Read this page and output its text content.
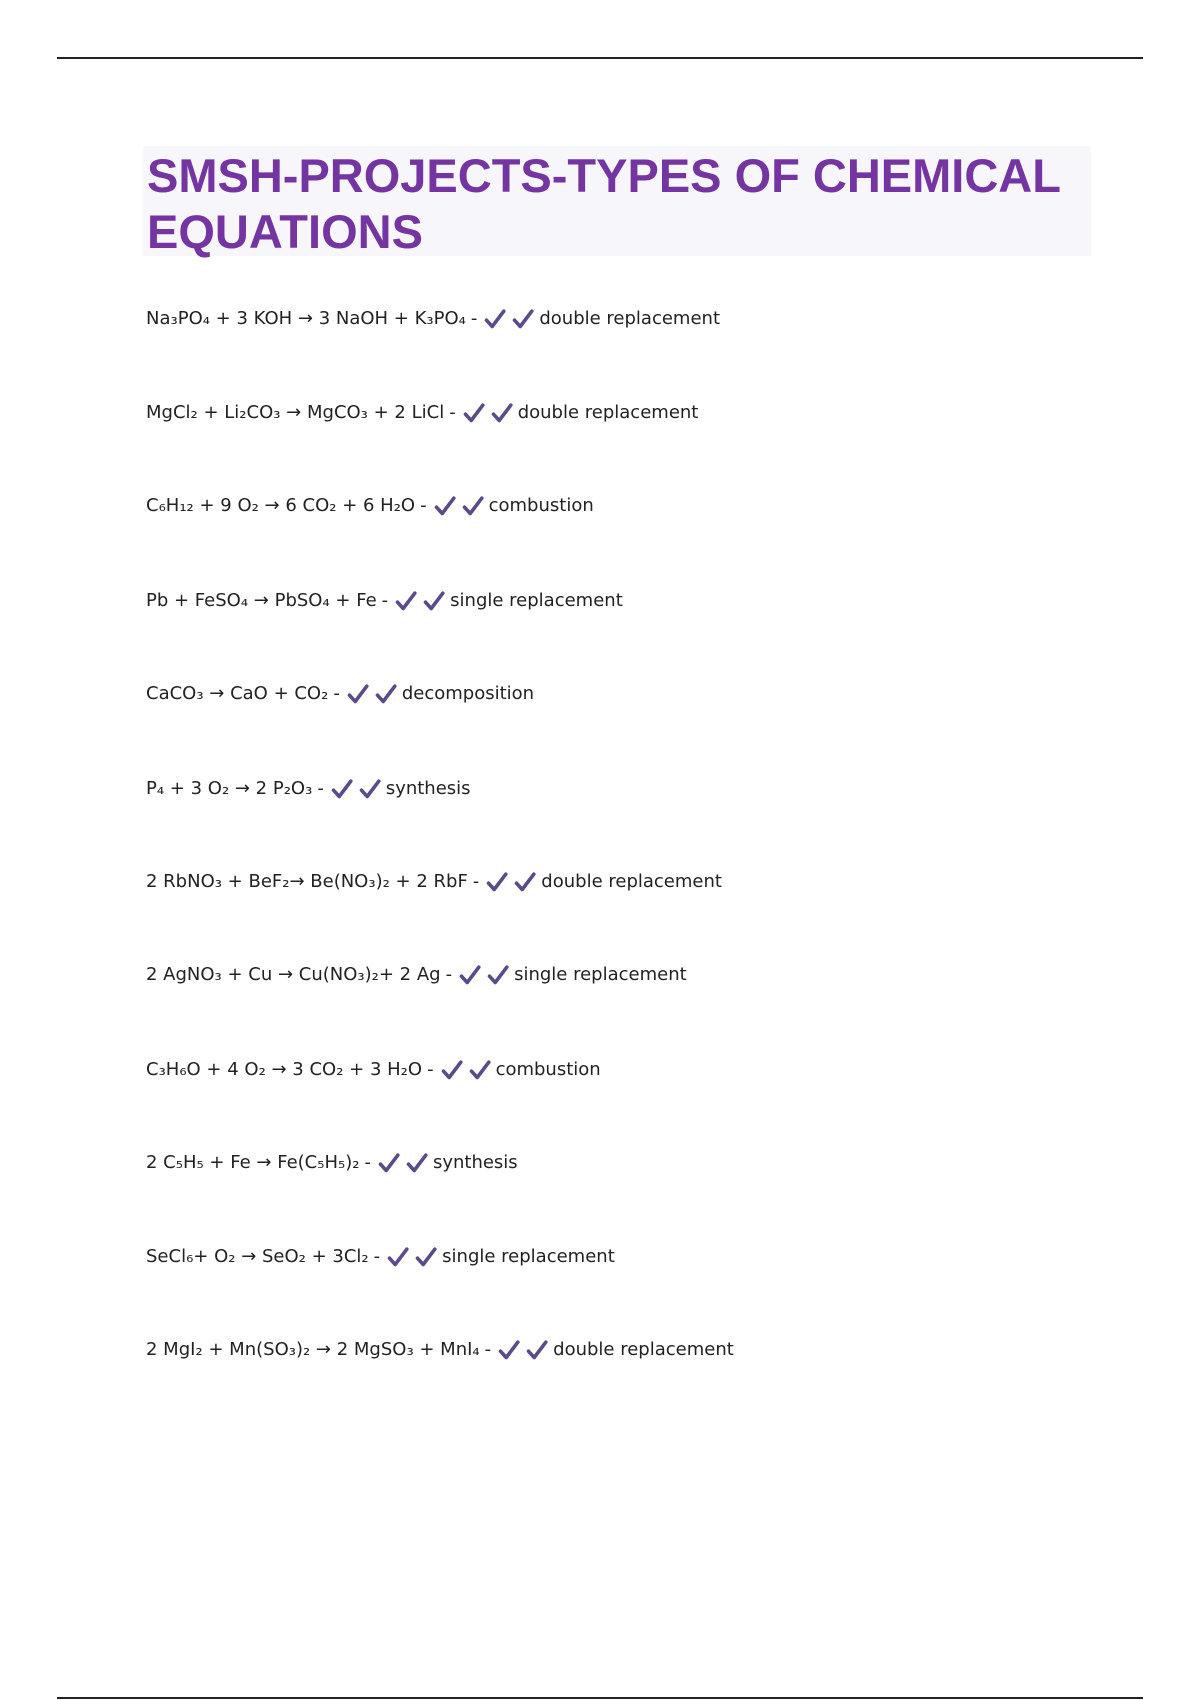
SMSH-PROJECTS-TYPES OF CHEMICAL EQUATIONS
Na₃PO₄ + 3 KOH → 3 NaOH + K₃PO₄ -	double replacement
MgCl₂ + Li₂CO₃ → MgCO₃ + 2 LiCl -	double replacement
C₆H₁₂ + 9 O₂ → 6 CO₂ + 6 H₂O -	combustion
Pb + FeSO₄ → PbSO₄ + Fe -	single replacement
CaCO₃ → CaO + CO₂ -	decomposition
P₄ + 3 O₂ → 2 P₂O₃ -	synthesis
2 RbNO₃ + BeF₂→ Be(NO₃)₂ + 2 RbF -	double replacement
2 AgNO₃ + Cu → Cu(NO₃)₂+ 2 Ag -	single replacement
C₃H₆O + 4 O₂ → 3 CO₂ + 3 H₂O -	combustion
2 C₅H₅ + Fe → Fe(C₅H₅)₂ -	synthesis
SeCl₆+ O₂ → SeO₂ + 3Cl₂ -	single replacement
2 MgI₂ + Mn(SO₃)₂ → 2 MgSO₃ + MnI₄ -	double replacement
